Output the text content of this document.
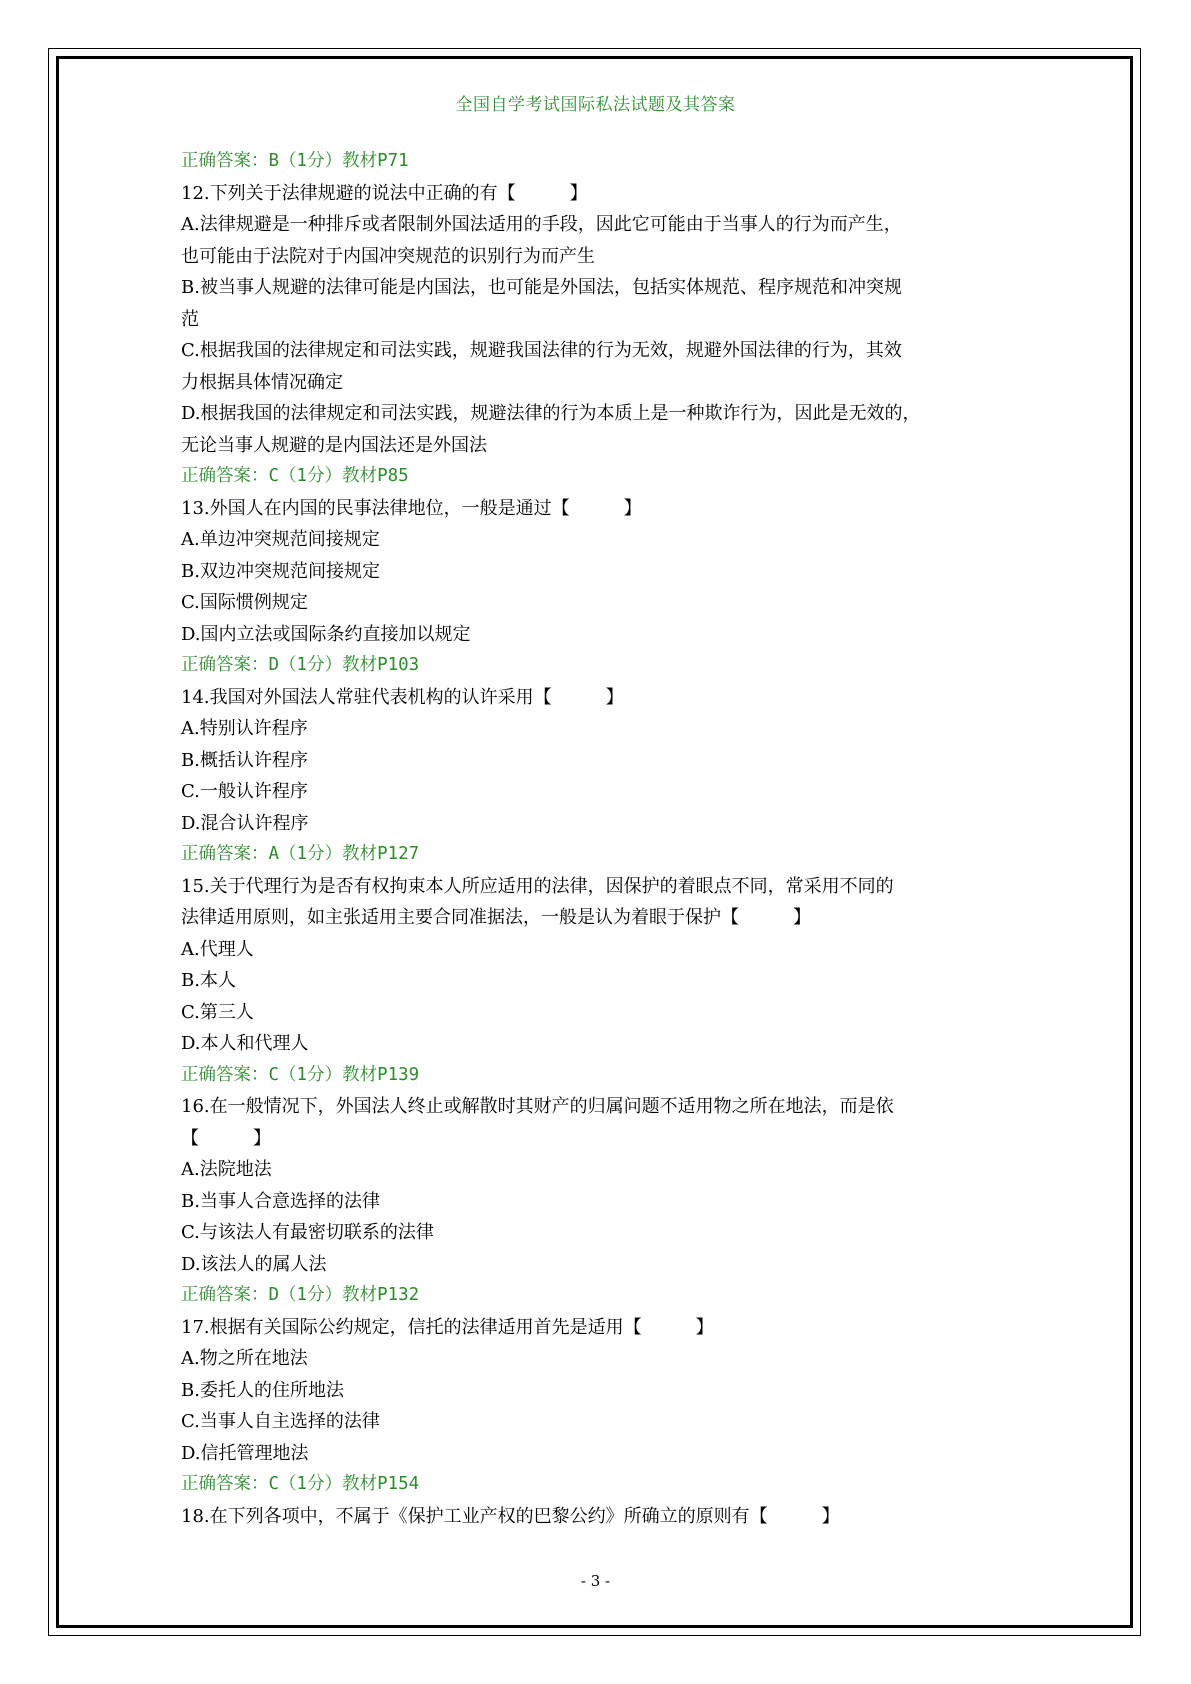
全国自学考试国际私法试题及其答案

正确答案：B（1分）教材P71

12.下列关于法律规避的说法中正确的有【　　　】

A.法律规避是一种排斥或者限制外国法适用的手段，因此它可能由于当事人的行为而产生，

也可能由于法院对于内国冲突规范的识别行为而产生

B.被当事人规避的法律可能是内国法，也可能是外国法，包括实体规范、程序规范和冲突规

范

C.根据我国的法律规定和司法实践，规避我国法律的行为无效，规避外国法律的行为，其效

力根据具体情况确定

D.根据我国的法律规定和司法实践，规避法律的行为本质上是一种欺诈行为，因此是无效的，

无论当事人规避的是内国法还是外国法

正确答案：C（1分）教材P85

13.外国人在内国的民事法律地位，一般是通过【　　　】

A.单边冲突规范间接规定

B.双边冲突规范间接规定

C.国际惯例规定

D.国内立法或国际条约直接加以规定

正确答案：D（1分）教材P103

14.我国对外国法人常驻代表机构的认许采用【　　　】

A.特别认许程序

B.概括认许程序

C.一般认许程序

D.混合认许程序

正确答案：A（1分）教材P127

15.关于代理行为是否有权拘束本人所应适用的法律，因保护的着眼点不同，常采用不同的

法律适用原则，如主张适用主要合同准据法，一般是认为着眼于保护【　　　】

A.代理人

B.本人

C.第三人

D.本人和代理人

正确答案：C（1分）教材P139

16.在一般情况下，外国法人终止或解散时其财产的归属问题不适用物之所在地法，而是依

【　　　】

A.法院地法

B.当事人合意选择的法律

C.与该法人有最密切联系的法律

D.该法人的属人法

正确答案：D（1分）教材P132

17.根据有关国际公约规定，信托的法律适用首先是适用【　　　】

A.物之所在地法

B.委托人的住所地法

C.当事人自主选择的法律

D.信托管理地法

正确答案：C（1分）教材P154

18.在下列各项中，不属于《保护工业产权的巴黎公约》所确立的原则有【　　　】

- 3 -
